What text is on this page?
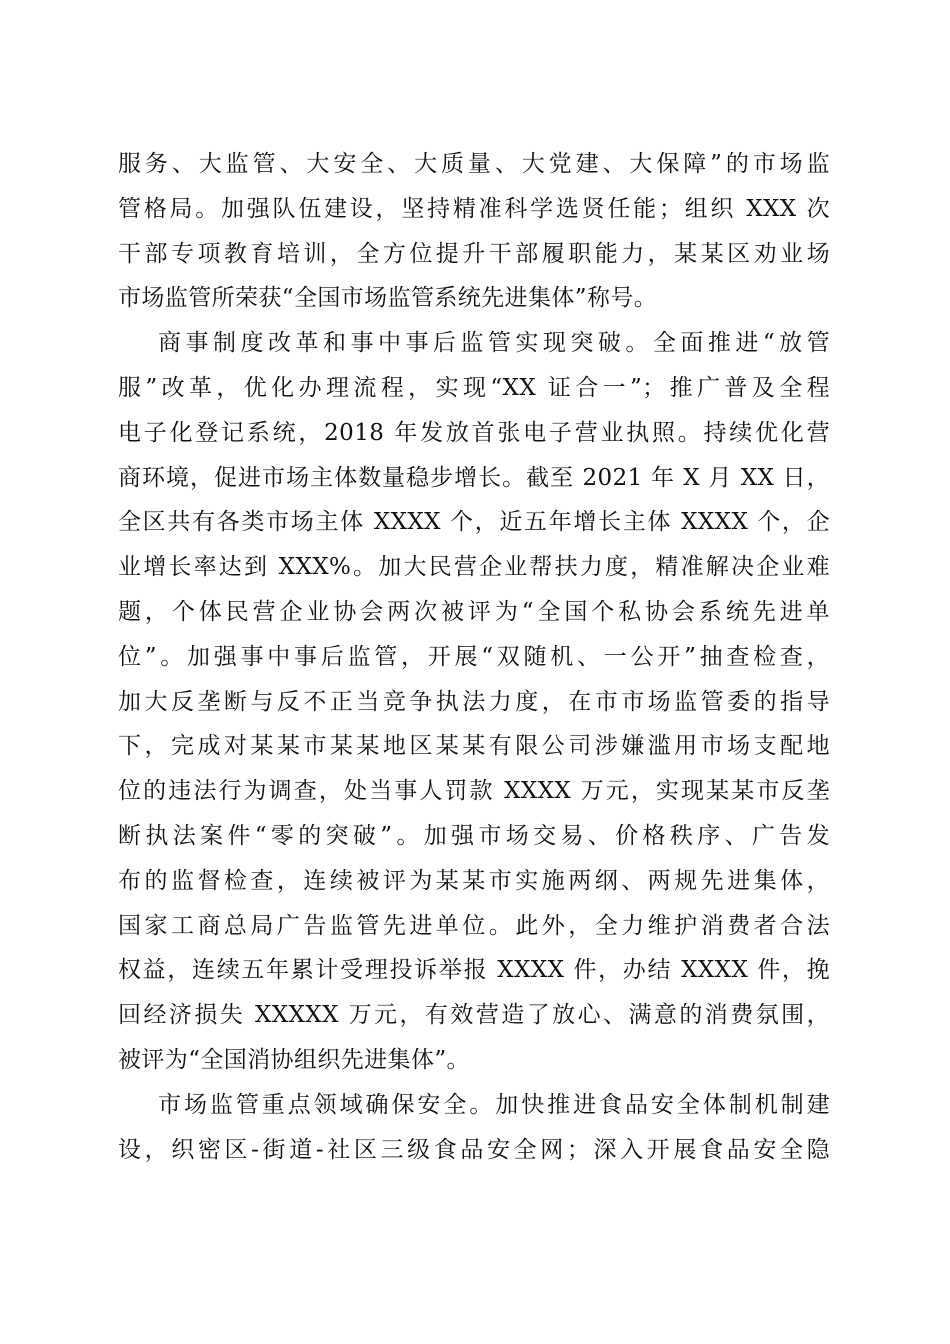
服务、大监管、大安全、大质量、大党建、大保障”的市场监
管格局。加强队伍建设，坚持精准科学选贤任能；组织 XXX 次
干部专项教育培训，全方位提升干部履职能力，某某区劝业场
市场监管所荣获“全国市场监管系统先进集体”称号。
商事制度改革和事中事后监管实现突破。全面推进“放管
服”改革，优化办理流程，实现“XX 证合一”；推广普及全程
电子化登记系统，2018 年发放首张电子营业执照。持续优化营
商环境，促进市场主体数量稳步增长。截至 2021 年 X 月 XX 日，
全区共有各类市场主体 XXXX 个，近五年增长主体 XXXX 个，企
业增长率达到 XXX%。加大民营企业帮扶力度，精准解决企业难
题，个体民营企业协会两次被评为“全国个私协会系统先进单
位”。加强事中事后监管，开展“双随机、一公开”抽查检查，
加大反垄断与反不正当竞争执法力度，在市市场监管委的指导
下，完成对某某市某某地区某某有限公司涉嫌滥用市场支配地
位的违法行为调查，处当事人罚款 XXXX 万元，实现某某市反垄
断执法案件“零的突破”。加强市场交易、价格秩序、广告发
布的监督检查，连续被评为某某市实施两纲、两规先进集体，
国家工商总局广告监管先进单位。此外，全力维护消费者合法
权益，连续五年累计受理投诉举报 XXXX 件，办结 XXXX 件，挽
回经济损失 XXXXX 万元，有效营造了放心、满意的消费氛围，
被评为“全国消协组织先进集体”。
市场监管重点领域确保安全。加快推进食品安全体制机制建
设，织密区-街道-社区三级食品安全网；深入开展食品安全隐
